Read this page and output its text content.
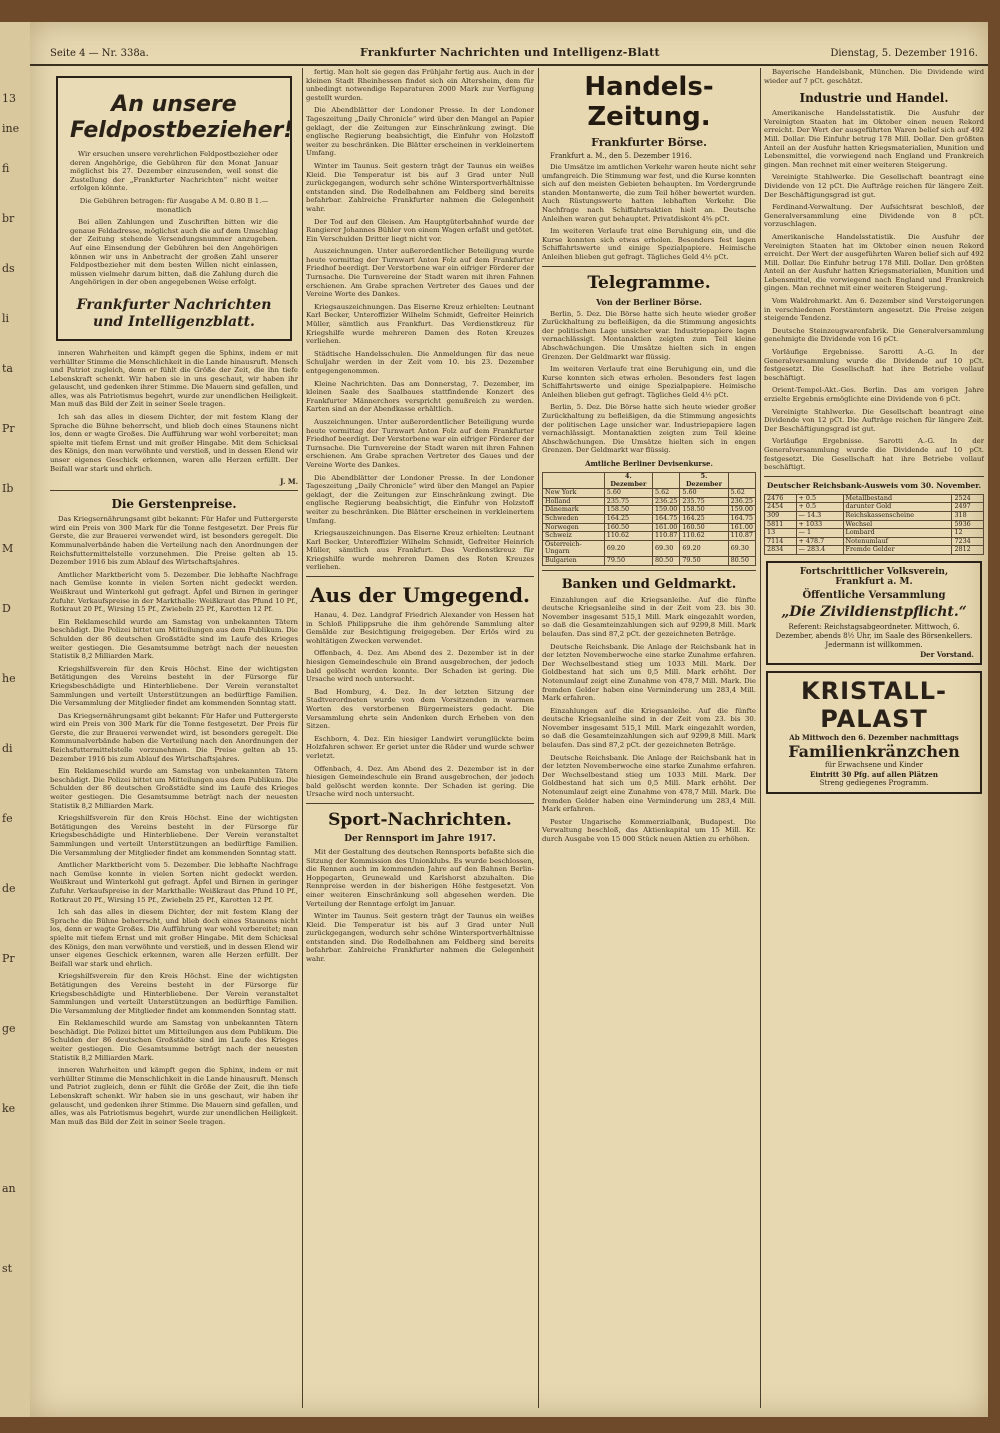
13
ine
fi
br
ds
li
ta
Pr
Ib
M
D
he
di
fe
de
Pr
ge
ke
an
st
Seite 4 — Nr. 338a.	Frankfurter Nachrichten und Intelligenz-Blatt	Dienstag, 5. Dezember 1916.
An unsere Feldpostbezieher!

Wir ersuchen unsere verehrlichen Feldpostbezieher oder deren Angehörige, die Gebühren für den Monat Januar möglichst bis 27. Dezember einzusenden, weil sonst die Zustellung der „Frankfurter Nachrichten“ nicht weiter erfolgen könnte.

Die Gebühren betragen: für Ausgabe A M. 0.80 B 1.— monatlich

Bei allen Zahlungen und Zuschriften bitten wir die genaue Feldadresse, möglichst auch die auf dem Umschlag der Zeitung stehende Versendungsnummer anzugeben. Auf eine Einsendung der Gebühren bei den Angehörigen können wir uns in Anbetracht der großen Zahl unserer Feldpostbezieher mit dem besten Willen nicht einlassen, müssen vielmehr darum bitten, daß die Zahlung durch die Angehörigen in der oben angegebenen Weise erfolgt.

Frankfurter Nachrichten und Intelligenzblatt.

inneren Wahrheiten und kämpft gegen die Sphinx, indem er mit verhüllter Stimme die Menschlichkeit in die Lande hinausruft. Mensch und Patriot zugleich, denn er fühlt die Größe der Zeit, die ihn tiefe Lebenskraft schenkt. Wir haben sie in uns geschaut, wir haben ihr gelauscht, und gedenken ihrer Stimme. Die Mauern sind gefallen, und alles, was als Patriotismus begehrt, wurde zur unendlichen Heiligkeit. Man muß das Bild der Zeit in seiner Seele tragen.

Ich sah das alles in diesem Dichter, der mit festem Klang der Sprache die Bühne beherrscht, und blieb doch eines Staunens nicht los, denn er wagte Großes. Die Aufführung war wohl vorbereitet; man spielte mit tiefem Ernst und mit großer Hingabe. Mit dem Schicksal des Königs, den man verwöhnte und verstieß, und in dessen Elend wir unser eigenes Geschick erkennen, waren alle Herzen erfüllt. Der Beifall war stark und ehrlich.

J. M.
Die Gerstenpreise.

Das Kriegsernährungsamt gibt bekannt: Für Hafer und Futtergerste wird ein Preis von 300 Mark für die Tonne festgesetzt. Der Preis für Gerste, die zur Brauerei verwendet wird, ist besonders geregelt. Die Kommunalverbände haben die Verteilung nach den Anordnungen der Reichsfuttermittelstelle vorzunehmen. Die Preise gelten ab 15. Dezember 1916 bis zum Ablauf des Wirtschaftsjahres.

Amtlicher Marktbericht vom 5. Dezember. Die lebhafte Nachfrage nach Gemüse konnte in vielen Sorten nicht gedeckt werden. Weißkraut und Winterkohl gut gefragt. Äpfel und Birnen in geringer Zufuhr. Verkaufspreise in der Markthalle: Weißkraut das Pfund 10 Pf., Rotkraut 20 Pf., Wirsing 15 Pf., Zwiebeln 25 Pf., Karotten 12 Pf.

Ein Reklameschild wurde am Samstag von unbekannten Tätern beschädigt. Die Polizei bittet um Mitteilungen aus dem Publikum. Die Schulden der 86 deutschen Großstädte sind im Laufe des Krieges weiter gestiegen. Die Gesamtsumme beträgt nach der neuesten Statistik 8,2 Milliarden Mark.

Kriegshilfsverein für den Kreis Höchst. Eine der wichtigsten Betätigungen des Vereins besteht in der Fürsorge für Kriegsbeschädigte und Hinterbliebene. Der Verein veranstaltet Sammlungen und verteilt Unterstützungen an bedürftige Familien. Die Versammlung der Mitglieder findet am kommenden Sonntag statt.

Das Kriegsernährungsamt gibt bekannt: Für Hafer und Futtergerste wird ein Preis von 300 Mark für die Tonne festgesetzt. Der Preis für Gerste, die zur Brauerei verwendet wird, ist besonders geregelt. Die Kommunalverbände haben die Verteilung nach den Anordnungen der Reichsfuttermittelstelle vorzunehmen. Die Preise gelten ab 15. Dezember 1916 bis zum Ablauf des Wirtschaftsjahres.

Ein Reklameschild wurde am Samstag von unbekannten Tätern beschädigt. Die Polizei bittet um Mitteilungen aus dem Publikum. Die Schulden der 86 deutschen Großstädte sind im Laufe des Krieges weiter gestiegen. Die Gesamtsumme beträgt nach der neuesten Statistik 8,2 Milliarden Mark.

Kriegshilfsverein für den Kreis Höchst. Eine der wichtigsten Betätigungen des Vereins besteht in der Fürsorge für Kriegsbeschädigte und Hinterbliebene. Der Verein veranstaltet Sammlungen und verteilt Unterstützungen an bedürftige Familien. Die Versammlung der Mitglieder findet am kommenden Sonntag statt.

Amtlicher Marktbericht vom 5. Dezember. Die lebhafte Nachfrage nach Gemüse konnte in vielen Sorten nicht gedeckt werden. Weißkraut und Winterkohl gut gefragt. Äpfel und Birnen in geringer Zufuhr. Verkaufspreise in der Markthalle: Weißkraut das Pfund 10 Pf., Rotkraut 20 Pf., Wirsing 15 Pf., Zwiebeln 25 Pf., Karotten 12 Pf.

Ich sah das alles in diesem Dichter, der mit festem Klang der Sprache die Bühne beherrscht, und blieb doch eines Staunens nicht los, denn er wagte Großes. Die Aufführung war wohl vorbereitet; man spielte mit tiefem Ernst und mit großer Hingabe. Mit dem Schicksal des Königs, den man verwöhnte und verstieß, und in dessen Elend wir unser eigenes Geschick erkennen, waren alle Herzen erfüllt. Der Beifall war stark und ehrlich.

Kriegshilfsverein für den Kreis Höchst. Eine der wichtigsten Betätigungen des Vereins besteht in der Fürsorge für Kriegsbeschädigte und Hinterbliebene. Der Verein veranstaltet Sammlungen und verteilt Unterstützungen an bedürftige Familien. Die Versammlung der Mitglieder findet am kommenden Sonntag statt.

Ein Reklameschild wurde am Samstag von unbekannten Tätern beschädigt. Die Polizei bittet um Mitteilungen aus dem Publikum. Die Schulden der 86 deutschen Großstädte sind im Laufe des Krieges weiter gestiegen. Die Gesamtsumme beträgt nach der neuesten Statistik 8,2 Milliarden Mark.

inneren Wahrheiten und kämpft gegen die Sphinx, indem er mit verhüllter Stimme die Menschlichkeit in die Lande hinausruft. Mensch und Patriot zugleich, denn er fühlt die Größe der Zeit, die ihn tiefe Lebenskraft schenkt. Wir haben sie in uns geschaut, wir haben ihr gelauscht, und gedenken ihrer Stimme. Die Mauern sind gefallen, und alles, was als Patriotismus begehrt, wurde zur unendlichen Heiligkeit. Man muß das Bild der Zeit in seiner Seele tragen.

fertig. Man holt sie gegen das Frühjahr fertig aus. Auch in der kleinen Stadt Rheinhessen findet sich ein Altersheim, dem für unbedingt notwendige Reparaturen 2000 Mark zur Verfügung gestellt wurden.

Die Abendblätter der Londoner Presse. In der Londoner Tageszeitung „Daily Chronicle“ wird über den Mangel an Papier geklagt, der die Zeitungen zur Einschränkung zwingt. Die englische Regierung beabsichtigt, die Einfuhr von Holzstoff weiter zu beschränken. Die Blätter erscheinen in verkleinertem Umfang.

Winter im Taunus. Seit gestern trägt der Taunus ein weißes Kleid. Die Temperatur ist bis auf 3 Grad unter Null zurückgegangen, wodurch sehr schöne Wintersportverhältnisse entstanden sind. Die Rodelbahnen am Feldberg sind bereits befahrbar. Zahlreiche Frankfurter nahmen die Gelegenheit wahr.

Der Tod auf den Gleisen. Am Hauptgüterbahnhof wurde der Rangierer Johannes Bühler von einem Wagen erfaßt und getötet. Ein Verschulden Dritter liegt nicht vor.

Auszeichnungen. Unter außerordentlicher Beteiligung wurde heute vormittag der Turnwart Anton Folz auf dem Frankfurter Friedhof beerdigt. Der Verstorbene war ein eifriger Förderer der Turnsache. Die Turnvereine der Stadt waren mit ihren Fahnen erschienen. Am Grabe sprachen Vertreter des Gaues und der Vereine Worte des Dankes.

Kriegsauszeichnungen. Das Eiserne Kreuz erhielten: Leutnant Karl Becker, Unteroffizier Wilhelm Schmidt, Gefreiter Heinrich Müller, sämtlich aus Frankfurt. Das Verdienstkreuz für Kriegshilfe wurde mehreren Damen des Roten Kreuzes verliehen.

Städtische Handelsschulen. Die Anmeldungen für das neue Schuljahr werden in der Zeit vom 10. bis 23. Dezember entgegengenommen.

Kleine Nachrichten. Das am Donnerstag, 7. Dezember, im kleinen Saale des Saalbaues stattfindende Konzert des Frankfurter Männerchors verspricht genußreich zu werden. Karten sind an der Abendkasse erhältlich.

Auszeichnungen. Unter außerordentlicher Beteiligung wurde heute vormittag der Turnwart Anton Folz auf dem Frankfurter Friedhof beerdigt. Der Verstorbene war ein eifriger Förderer der Turnsache. Die Turnvereine der Stadt waren mit ihren Fahnen erschienen. Am Grabe sprachen Vertreter des Gaues und der Vereine Worte des Dankes.

Die Abendblätter der Londoner Presse. In der Londoner Tageszeitung „Daily Chronicle“ wird über den Mangel an Papier geklagt, der die Zeitungen zur Einschränkung zwingt. Die englische Regierung beabsichtigt, die Einfuhr von Holzstoff weiter zu beschränken. Die Blätter erscheinen in verkleinertem Umfang.

Kriegsauszeichnungen. Das Eiserne Kreuz erhielten: Leutnant Karl Becker, Unteroffizier Wilhelm Schmidt, Gefreiter Heinrich Müller, sämtlich aus Frankfurt. Das Verdienstkreuz für Kriegshilfe wurde mehreren Damen des Roten Kreuzes verliehen.

Aus der Umgegend.

Hanau, 4. Dez. Landgraf Friedrich Alexander von Hessen hat in Schloß Philippsruhe die ihm gehörende Sammlung alter Gemälde zur Besichtigung freigegeben. Der Erlös wird zu wohltätigen Zwecken verwendet.

Offenbach, 4. Dez. Am Abend des 2. Dezember ist in der hiesigen Gemeindeschule ein Brand ausgebrochen, der jedoch bald gelöscht werden konnte. Der Schaden ist gering. Die Ursache wird noch untersucht.

Bad Homburg, 4. Dez. In der letzten Sitzung der Stadtverordneten wurde von dem Vorsitzenden in warmen Worten des verstorbenen Bürgermeisters gedacht. Die Versammlung ehrte sein Andenken durch Erheben von den Sitzen.

Eschborn, 4. Dez. Ein hiesiger Landwirt verunglückte beim Holzfahren schwer. Er geriet unter die Räder und wurde schwer verletzt.

Offenbach, 4. Dez. Am Abend des 2. Dezember ist in der hiesigen Gemeindeschule ein Brand ausgebrochen, der jedoch bald gelöscht werden konnte. Der Schaden ist gering. Die Ursache wird noch untersucht.

Sport-Nachrichten.
Der Rennsport im Jahre 1917.

Mit der Gestaltung des deutschen Rennsports befaßte sich die Sitzung der Kommission des Unionklubs. Es wurde beschlossen, die Rennen auch im kommenden Jahre auf den Bahnen Berlin-Hoppegarten, Grunewald und Karlshorst abzuhalten. Die Rennpreise werden in der bisherigen Höhe festgesetzt. Von einer weiteren Einschränkung soll abgesehen werden. Die Verteilung der Renntage erfolgt im Januar.

Winter im Taunus. Seit gestern trägt der Taunus ein weißes Kleid. Die Temperatur ist bis auf 3 Grad unter Null zurückgegangen, wodurch sehr schöne Wintersportverhältnisse entstanden sind. Die Rodelbahnen am Feldberg sind bereits befahrbar. Zahlreiche Frankfurter nahmen die Gelegenheit wahr.

Handels-Zeitung.
Frankfurter Börse.
Frankfurt a. M., den 5. Dezember 1916.

Die Umsätze im amtlichen Verkehr waren heute nicht sehr umfangreich. Die Stimmung war fest, und die Kurse konnten sich auf den meisten Gebieten behaupten. Im Vordergrunde standen Montanwerte, die zum Teil höher bewertet wurden. Auch Rüstungswerte hatten lebhaften Verkehr. Die Nachfrage nach Schiffahrtsaktien hielt an. Deutsche Anleihen waren gut behauptet. Privatdiskont 4⅝ pCt.

Im weiteren Verlaufe trat eine Beruhigung ein, und die Kurse konnten sich etwas erholen. Besonders fest lagen Schiffahrtswerte und einige Spezialpapiere. Heimische Anleihen blieben gut gefragt. Tägliches Geld 4½ pCt.

Telegramme.
Von der Berliner Börse.

Berlin, 5. Dez. Die Börse hatte sich heute wieder großer Zurückhaltung zu befleißigen, da die Stimmung angesichts der politischen Lage unsicher war. Industriepapiere lagen vernachlässigt. Montanaktien zeigten zum Teil kleine Abschwächungen. Die Umsätze hielten sich in engen Grenzen. Der Geldmarkt war flüssig.

Im weiteren Verlaufe trat eine Beruhigung ein, und die Kurse konnten sich etwas erholen. Besonders fest lagen Schiffahrtswerte und einige Spezialpapiere. Heimische Anleihen blieben gut gefragt. Tägliches Geld 4½ pCt.

Berlin, 5. Dez. Die Börse hatte sich heute wieder großer Zurückhaltung zu befleißigen, da die Stimmung angesichts der politischen Lage unsicher war. Industriepapiere lagen vernachlässigt. Montanaktien zeigten zum Teil kleine Abschwächungen. Die Umsätze hielten sich in engen Grenzen. Der Geldmarkt war flüssig.

Amtliche Berliner Devisenkurse.
	4. Dezember		5. Dezember	
New York	5.60	5.62	5.60	5.62
Holland	235.75	236.25	235.75	236.25
Dänemark	158.50	159.00	158.50	159.00
Schweden	164.25	164.75	164.25	164.75
Norwegen	160.50	161.00	160.50	161.00
Schweiz	110.62	110.87	110.62	110.87
Österreich-Ungarn	69.20	69.30	69.20	69.30
Bulgarien	79.50	80.50	79.50	80.50
Banken und Geldmarkt.

Einzahlungen auf die Kriegsanleihe. Auf die fünfte deutsche Kriegsanleihe sind in der Zeit vom 23. bis 30. November insgesamt 515,1 Mill. Mark eingezahlt worden, so daß die Gesamteinzahlungen sich auf 9299,8 Mill. Mark belaufen. Das sind 87,2 pCt. der gezeichneten Beträge.

Deutsche Reichsbank. Die Anlage der Reichsbank hat in der letzten Novemberwoche eine starke Zunahme erfahren. Der Wechselbestand stieg um 1033 Mill. Mark. Der Goldbestand hat sich um 0,5 Mill. Mark erhöht. Der Notenumlauf zeigt eine Zunahme von 478,7 Mill. Mark. Die fremden Gelder haben eine Verminderung um 283,4 Mill. Mark erfahren.

Einzahlungen auf die Kriegsanleihe. Auf die fünfte deutsche Kriegsanleihe sind in der Zeit vom 23. bis 30. November insgesamt 515,1 Mill. Mark eingezahlt worden, so daß die Gesamteinzahlungen sich auf 9299,8 Mill. Mark belaufen. Das sind 87,2 pCt. der gezeichneten Beträge.

Deutsche Reichsbank. Die Anlage der Reichsbank hat in der letzten Novemberwoche eine starke Zunahme erfahren. Der Wechselbestand stieg um 1033 Mill. Mark. Der Goldbestand hat sich um 0,5 Mill. Mark erhöht. Der Notenumlauf zeigt eine Zunahme von 478,7 Mill. Mark. Die fremden Gelder haben eine Verminderung um 283,4 Mill. Mark erfahren.

Pester Ungarische Kommerzialbank, Budapest. Die Verwaltung beschloß, das Aktienkapital um 15 Mill. Kr. durch Ausgabe von 15 000 Stück neuen Aktien zu erhöhen.

Bayerische Handelsbank, München. Die Dividende wird wieder auf 7 pCt. geschätzt.

Industrie und Handel.

Amerikanische Handelsstatistik. Die Ausfuhr der Vereinigten Staaten hat im Oktober einen neuen Rekord erreicht. Der Wert der ausgeführten Waren belief sich auf 492 Mill. Dollar. Die Einfuhr betrug 178 Mill. Dollar. Den größten Anteil an der Ausfuhr hatten Kriegsmaterialien, Munition und Lebensmittel, die vorwiegend nach England und Frankreich gingen. Man rechnet mit einer weiteren Steigerung.

Vereinigte Stahlwerke. Die Gesellschaft beantragt eine Dividende von 12 pCt. Die Aufträge reichen für längere Zeit. Der Beschäftigungsgrad ist gut.

Ferdinand-Verwaltung. Der Aufsichtsrat beschloß, der Generalversammlung eine Dividende von 8 pCt. vorzuschlagen.

Amerikanische Handelsstatistik. Die Ausfuhr der Vereinigten Staaten hat im Oktober einen neuen Rekord erreicht. Der Wert der ausgeführten Waren belief sich auf 492 Mill. Dollar. Die Einfuhr betrug 178 Mill. Dollar. Den größten Anteil an der Ausfuhr hatten Kriegsmaterialien, Munition und Lebensmittel, die vorwiegend nach England und Frankreich gingen. Man rechnet mit einer weiteren Steigerung.

Vom Waldrohmarkt. Am 6. Dezember sind Versteigerungen in verschiedenen Forstämtern angesetzt. Die Preise zeigen steigende Tendenz.

Deutsche Steinzeugwarenfabrik. Die Generalversammlung genehmigte die Dividende von 16 pCt.

Vorläufige Ergebnisse. Sarotti A.-G. In der Generalversammlung wurde die Dividende auf 10 pCt. festgesetzt. Die Gesellschaft hat ihre Betriebe vollauf beschäftigt.

Orient-Tempel-Akt.-Ges. Berlin. Das am vorigen Jahre erzielte Ergebnis ermöglichte eine Dividende von 6 pCt.

Vereinigte Stahlwerke. Die Gesellschaft beantragt eine Dividende von 12 pCt. Die Aufträge reichen für längere Zeit. Der Beschäftigungsgrad ist gut.

Vorläufige Ergebnisse. Sarotti A.-G. In der Generalversammlung wurde die Dividende auf 10 pCt. festgesetzt. Die Gesellschaft hat ihre Betriebe vollauf beschäftigt.

Deutscher Reichsbank-Ausweis vom 30. November.
2476	+ 0.5	Metallbestand	2524
2454	+ 0.5	darunter Gold	2497
309	— 14.3	Reichskassenscheine	318
5811	+ 1033	Wechsel	5936
13	— 1	Lombard	12
7114	+ 478.7	Notenumlauf	7234
2834	— 283.4	Fremde Gelder	2812
Fortschrittlicher Volksverein, Frankfurt a. M.
Öffentliche Versammlung
„Die Zivildienstpflicht.“
Referent: Reichstagsabgeordneter. Mittwoch, 6. Dezember, abends 8½ Uhr, im Saale des Börsenkellers. Jedermann ist willkommen.
Der Vorstand.
KRISTALL-PALAST
Ab Mittwoch den 6. Dezember nachmittags
Familienkränzchen
für Erwachsene und Kinder
Eintritt 30 Pfg. auf allen Plätzen
Streng gediegenes Programm.
